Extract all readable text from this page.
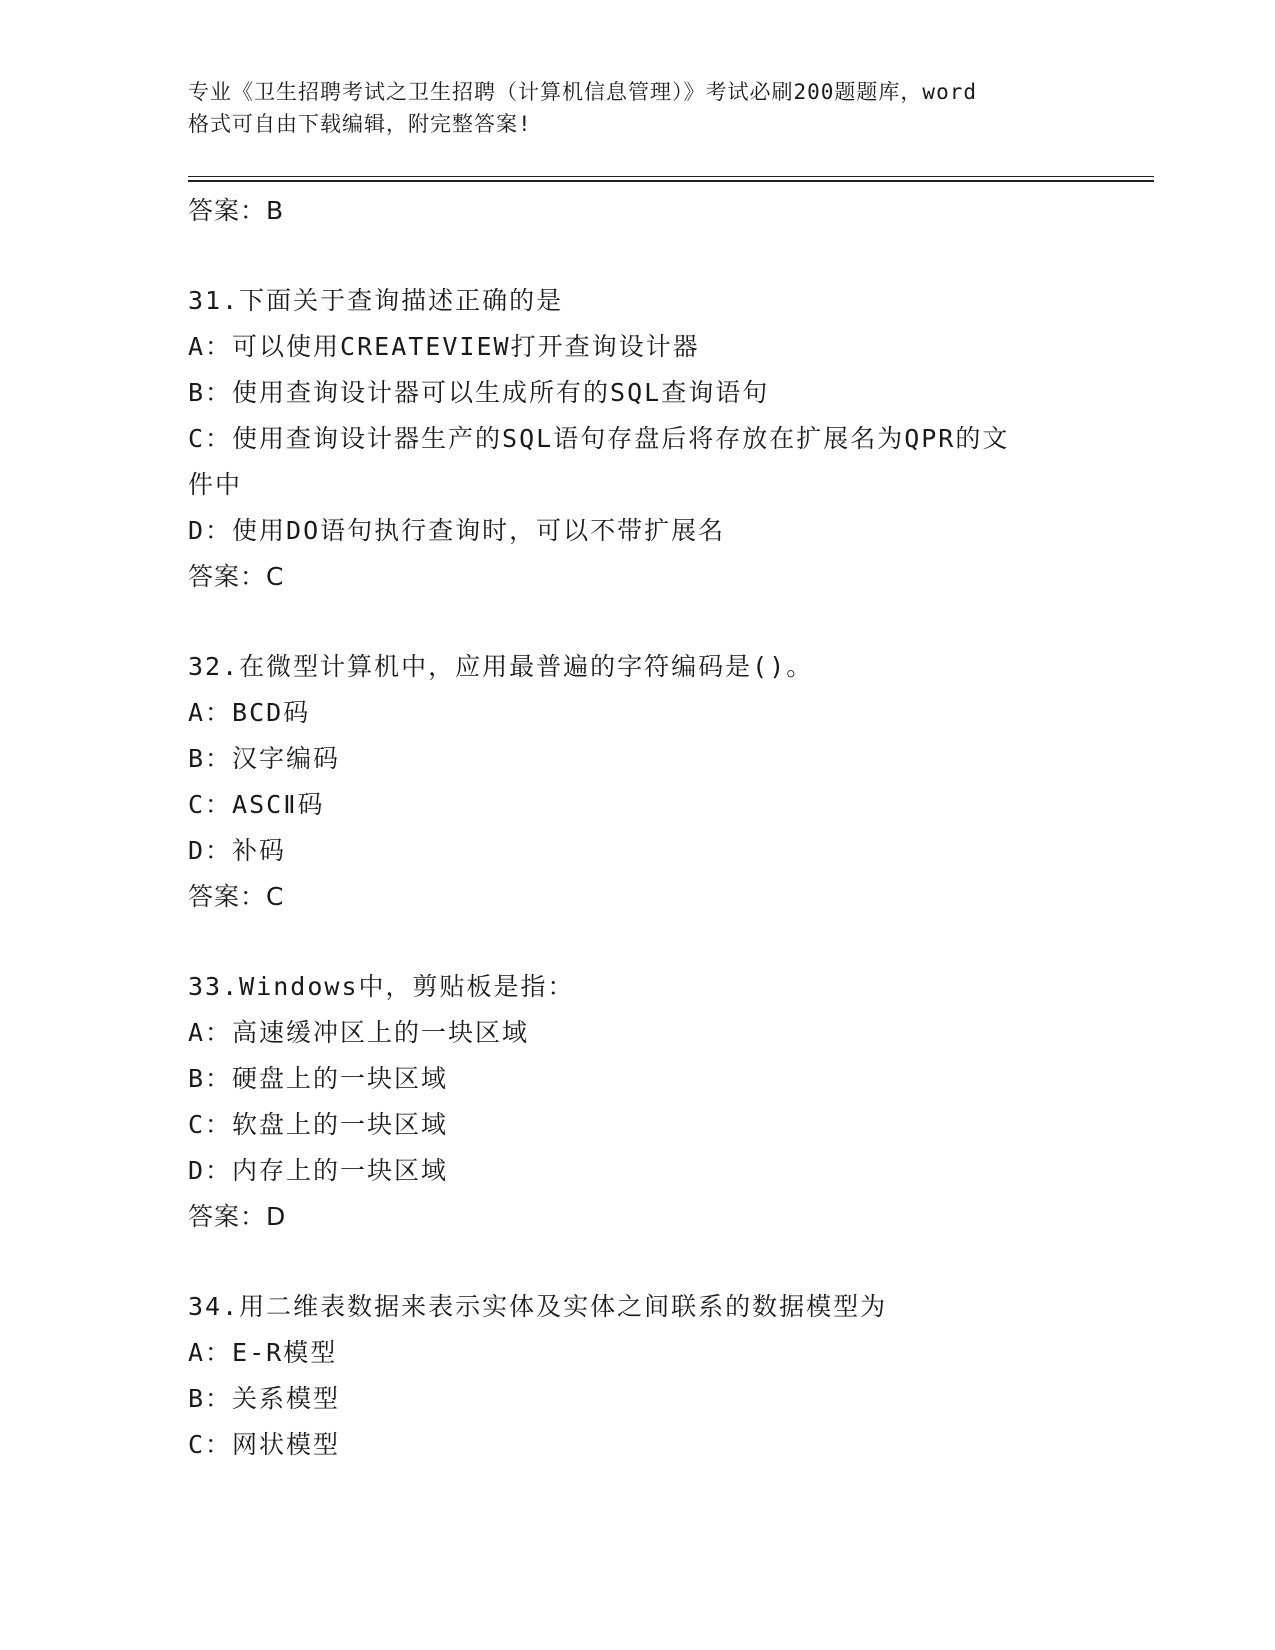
专业《卫生招聘考试之卫生招聘（计算机信息管理）》考试必刷200题题库，word

格式可自由下载编辑，附完整答案!

答案：B

31.下面关于查询描述正确的是

A：可以使用CREATEVIEW打开查询设计器

B：使用查询设计器可以生成所有的SQL查询语句

C：使用查询设计器生产的SQL语句存盘后将存放在扩展名为QPR的文

件中

D：使用DO语句执行查询时，可以不带扩展名

答案：C

32.在微型计算机中，应用最普遍的字符编码是()。

A：BCD码

B：汉字编码

C：ASCⅡ码

D：补码

答案：C

33.Windows中，剪贴板是指：

A：高速缓冲区上的一块区域

B：硬盘上的一块区域

C：软盘上的一块区域

D：内存上的一块区域

答案：D

34.用二维表数据来表示实体及实体之间联系的数据模型为

A：E-R模型

B：关系模型

C：网状模型
